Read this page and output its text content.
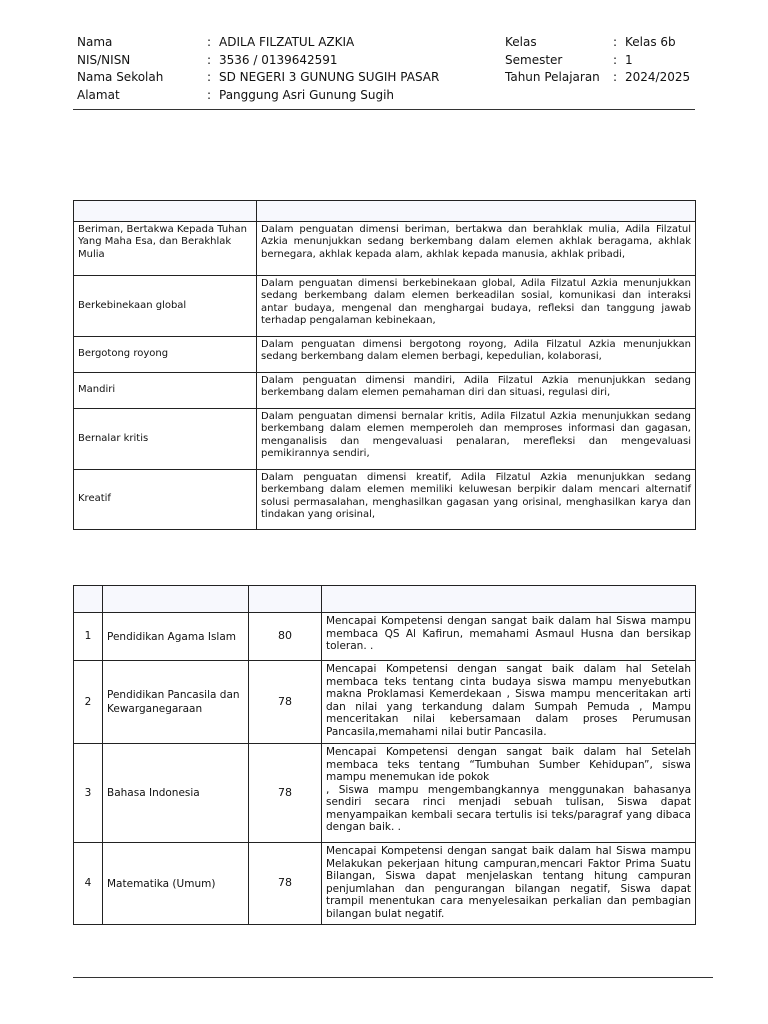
Nama	: ADILA FILZATUL AZKIA
NIS/NISN	: 3536 / 0139642591
Nama Sekolah	: SD NEGERI 3 GUNUNG SUGIH PASAR
Alamat	: Panggung Asri Gunung Sugih
Kelas	: Kelas 6b
Semester	: 1
Tahun Pelajaran : 2024/2025

Beriman, Bertakwa Kepada Tuhan Yang Maha Esa, dan Berakhlak Mulia	Dalam penguatan dimensi beriman, bertakwa dan berahklak mulia, Adila Filzatul Azkia menunjukkan sedang berkembang dalam elemen akhlak beragama, akhlak bernegara, akhlak kepada alam, akhlak kepada manusia, akhlak pribadi,
Berkebinekaan global	Dalam penguatan dimensi berkebinekaan global, Adila Filzatul Azkia menunjukkan sedang berkembang dalam elemen berkeadilan sosial, komunikasi dan interaksi antar budaya, mengenal dan menghargai budaya, refleksi dan tanggung jawab terhadap pengalaman kebinekaan,
Bergotong royong	Dalam penguatan dimensi bergotong royong, Adila Filzatul Azkia menunjukkan sedang berkembang dalam elemen berbagi, kepedulian, kolaborasi,
Mandiri	Dalam penguatan dimensi mandiri, Adila Filzatul Azkia menunjukkan sedang berkembang dalam elemen pemahaman diri dan situasi, regulasi diri,
Bernalar kritis	Dalam penguatan dimensi bernalar kritis, Adila Filzatul Azkia menunjukkan sedang berkembang dalam elemen memperoleh dan memproses informasi dan gagasan, menganalisis dan mengevaluasi penalaran, merefleksi dan mengevaluasi pemikirannya sendiri,
Kreatif	Dalam penguatan dimensi kreatif, Adila Filzatul Azkia menunjukkan sedang berkembang dalam elemen memiliki keluwesan berpikir dalam mencari alternatif solusi permasalahan, menghasilkan gagasan yang orisinal, menghasilkan karya dan tindakan yang orisinal,

1	Pendidikan Agama Islam	80	Mencapai Kompetensi dengan sangat baik dalam hal Siswa mampu membaca QS Al Kafirun, memahami Asmaul Husna dan bersikap toleran. .
2	Pendidikan Pancasila dan Kewarganegaraan	78	Mencapai Kompetensi dengan sangat baik dalam hal Setelah membaca teks tentang cinta budaya siswa mampu menyebutkan makna Proklamasi Kemerdekaan , Siswa mampu menceritakan arti dan nilai yang terkandung dalam Sumpah Pemuda , Mampu menceritakan nilai kebersamaan dalam proses Perumusan Pancasila,memahami nilai butir Pancasila.
3	Bahasa Indonesia	78	Mencapai Kompetensi dengan sangat baik dalam hal Setelah membaca teks tentang “Tumbuhan Sumber Kehidupan”, siswa mampu menemukan ide pokok
, Siswa mampu mengembangkannya menggunakan bahasanya sendiri secara rinci menjadi sebuah tulisan, Siswa dapat menyampaikan kembali secara tertulis isi teks/paragraf yang dibaca dengan baik. .
4	Matematika (Umum)	78	Mencapai Kompetensi dengan sangat baik dalam hal Siswa mampu Melakukan pekerjaan hitung campuran,mencari Faktor Prima Suatu Bilangan, Siswa dapat menjelaskan tentang hitung campuran penjumlahan dan pengurangan bilangan negatif, Siswa dapat trampil menentukan cara menyelesaikan perkalian dan pembagian bilangan bulat negatif.
